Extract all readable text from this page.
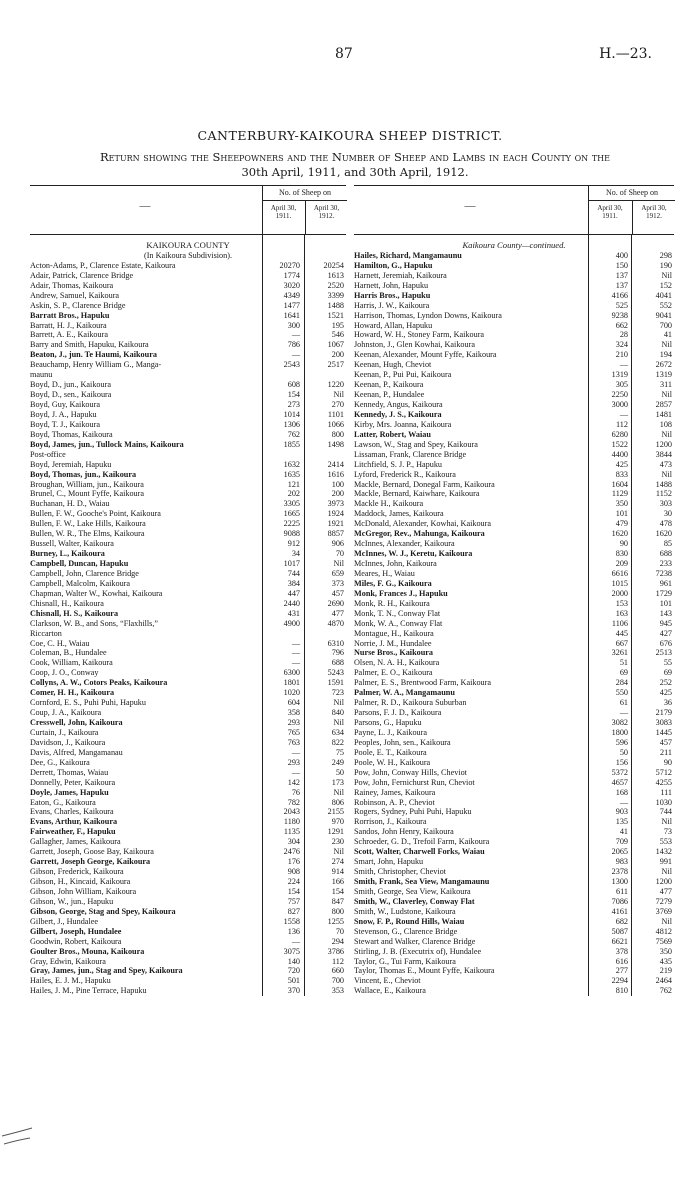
87	H.—23.
CANTERBURY-KAIKOURA SHEEP DISTRICT.
Return showing the Sheepowners and the Number of Sheep and Lambs in each County on the
30th April, 1911, and 30th April, 1912.
—
No. of Sheep on
April 30, 1911.
April 30, 1912.
KAIKOURA COUNTY
(In Kaikoura Subdivision).
Acton-Adams, P., Clarence Estate, Kaikoura	20270	20254
Adair, Patrick, Clarence Bridge	1774	1613
Adair, Thomas, Kaikoura	3020	2520
Andrew, Samuel, Kaikoura	4349	3399
Askin, S. P., Clarence Bridge	1477	1488
Barratt Bros., Hapuku	1641	1521
Barratt, H. J., Kaikoura	300	195
Barrett, A. E., Kaikoura	—	546
Barry and Smith, Hapuku, Kaikoura	786	1067
Beaton, J., jun. Te Haumi, Kaikoura	—	200
Beauchamp, Henry William G., Manga-	2543	2517
maunu
Boyd, D., jun., Kaikoura	608	1220
Boyd, D., sen., Kaikoura	154	Nil
Boyd, Guy, Kaikoura	273	270
Boyd, J. A., Hapuku	1014	1101
Boyd, T. J., Kaikoura	1306	1066
Boyd, Thomas, Kaikoura	762	800
Boyd, James, jun., Tullock Mains, Kaikoura	1855	1498
Post-office
Boyd, Jeremiah, Hapuku	1632	2414
Boyd, Thomas, jun., Kaikoura	1635	1616
Broughan, William, jun., Kaikoura	121	100
Brunel, C., Mount Fyffe, Kaikoura	202	200
Buchanan, H. D., Waiau	3305	3973
Bullen, F. W., Gooche's Point, Kaikoura	1665	1924
Bullen, F. W., Lake Hills, Kaikoura	2225	1921
Bullen, W. R., The Elms, Kaikoura	9088	8857
Bussell, Walter, Kaikoura	912	906
Burney, L., Kaikoura	34	70
Campbell, Duncan, Hapuku	1017	Nil
Campbell, John, Clarence Bridge	744	659
Campbell, Malcolm, Kaikoura	384	373
Chapman, Walter W., Kowhai, Kaikoura	447	457
Chisnall, H., Kaikoura	2440	2690
Chisnall, H. S., Kaikoura	431	477
Clarkson, W. B., and Sons, “Flaxhills,”	4900	4870
Riccarton
Coe, C. H., Waiau	—	6310
Coleman, B., Hundalee	—	796
Cook, William, Kaikoura	—	688
Coop, J. O., Conway	6300	5243
Collyns, A. W., Cotors Peaks, Kaikoura	1801	1591
Comer, H. H., Kaikoura	1020	723
Cornford, E. S., Puhi Puhi, Hapuku	604	Nil
Coup, J. A., Kaikoura	358	840
Cresswell, John, Kaikoura	293	Nil
Curtain, J., Kaikoura	765	634
Davidson, J., Kaikoura	763	822
Davis, Alfred, Mangamanau	—	75
Dee, G., Kaikoura	293	249
Derrett, Thomas, Waiau	—	50
Donnelly, Peter, Kaikoura	142	173
Doyle, James, Hapuku	76	Nil
Eaton, G., Kaikoura	782	806
Evans, Charles, Kaikoura	2043	2155
Evans, Arthur, Kaikoura	1180	970
Fairweather, F., Hapuku	1135	1291
Gallagher, James, Kaikoura	304	230
Garrett, Joseph, Goose Bay, Kaikoura	2476	Nil
Garrett, Joseph George, Kaikoura	176	274
Gibson, Frederick, Kaikoura	908	914
Gibson, H., Kincaid, Kaikoura	224	166
Gibson, John William, Kaikoura	154	154
Gibson, W., jun., Hapuku	757	847
Gibson, George, Stag and Spey, Kaikoura	827	800
Gilbert, J., Hundalee	1558	1255
Gilbert, Joseph, Hundalee	136	70
Goodwin, Robert, Kaikoura	—	294
Goulter Bros., Mouna, Kaikoura	3075	3786
Gray, Edwin, Kaikoura	140	112
Gray, James, jun., Stag and Spey, Kaikoura	720	660
Hailes, E. J. M., Hapuku	501	700
Hailes, J. M., Pine Terrace, Hapuku	370	353
—
No. of Sheep on
April 30, 1911.
April 30, 1912.
Kaikoura County—continued.
Hailes, Richard, Mangamaunu	400	298
Hamilton, G., Hapuku	150	190
Harnett, Jeremiah, Kaikoura	137	Nil
Harnett, John, Hapuku	137	152
Harris Bros., Hapuku	4166	4041
Harris, J. W., Kaikoura	525	552
Harrison, Thomas, Lyndon Downs, Kaikoura	9238	9041
Howard, Allan, Hapuku	662	700
Howard, W. H., Stoney Farm, Kaikoura	28	41
Johnston, J., Glen Kowhai, Kaikoura	324	Nil
Keenan, Alexander, Mount Fyffe, Kaikoura	210	194
Keenan, Hugh, Cheviot	—	2672
Keenan, P., Pui Pui, Kaikoura	1319	1319
Keenan, P., Kaikoura	305	311
Keenan, P., Hundalee	2250	Nil
Kennedy, Angus, Kaikoura	3000	2857
Kennedy, J. S., Kaikoura	—	1481
Kirby, Mrs. Joanna, Kaikoura	112	108
Latter, Robert, Waiau	6280	Nil
Lawson, W., Stag and Spey, Kaikoura	1522	1200
Lissaman, Frank, Clarence Bridge	4400	3844
Litchfield, S. J. P., Hapuku	425	473
Lyford, Frederick R., Kaikoura	833	Nil
Mackle, Bernard, Donegal Farm, Kaikoura	1604	1488
Mackle, Bernard, Kaiwhare, Kaikoura	1129	1152
Mackle H., Kaikoura	350	303
Maddock, James, Kaikoura	101	30
McDonald, Alexander, Kowhai, Kaikoura	479	478
McGregor, Rev., Mahunga, Kaikoura	1620	1620
McInnes, Alexander, Kaikoura	90	85
McInnes, W. J., Keretu, Kaikoura	830	688
McInnes, John, Kaikoura	209	233
Meares, H., Waiau	6616	7238
Miles, F. G., Kaikoura	1015	961
Monk, Frances J., Hapuku	2000	1729
Monk, R. H., Kaikoura	153	101
Monk, T. N., Conway Flat	163	143
Monk, W. A., Conway Flat	1106	945
Montague, H., Kaikoura	445	427
Norrie, J. M., Hundalee	667	676
Nurse Bros., Kaikoura	3261	2513
Olsen, N. A. H., Kaikoura	51	55
Palmer, E. O., Kaikoura	69	69
Palmer, E. S., Brentwood Farm, Kaikoura	284	252
Palmer, W. A., Mangamaunu	550	425
Palmer, R. D., Kaikoura Suburban	61	36
Parsons, F. J. D., Kaikoura	—	2179
Parsons, G., Hapuku	3082	3083
Payne, L. J., Kaikoura	1800	1445
Peoples, John, sen., Kaikoura	596	457
Poole, E. T., Kaikoura	50	211
Poole, W. H., Kaikoura	156	90
Pow, John, Conway Hills, Cheviot	5372	5712
Pow, John, Fernichurst Run, Cheviot	4657	4255
Rainey, James, Kaikoura	168	111
Robinson, A. P., Cheviot	—	1030
Rogers, Sydney, Puhi Puhi, Hapuku	903	744
Rorrison, J., Kaikoura	135	Nil
Sandos, John Henry, Kaikoura	41	73
Schroeder, G. D., Trefoil Farm, Kaikoura	709	553
Scott, Walter, Charwell Forks, Waiau	2065	1432
Smart, John, Hapuku	983	991
Smith, Christopher, Cheviot	2378	Nil
Smith, Frank, Sea View, Mangamaunu	1300	1200
Smith, George, Sea View, Kaikoura	611	477
Smith, W., Claverley, Conway Flat	7086	7279
Smith, W., Ludstone, Kaikoura	4161	3769
Snow, F. P., Round Hills, Waiau	682	Nil
Stevenson, G., Clarence Bridge	5087	4812
Stewart and Walker, Clarence Bridge	6621	7569
Stirling, J. B. (Executrix of), Hundalee	378	350
Taylor, G., Tui Farm, Kaikoura	616	435
Taylor, Thomas E., Mount Fyffe, Kaikoura	277	219
Vincent, E., Cheviot	2294	2464
Wallace, E., Kaikoura	810	762
